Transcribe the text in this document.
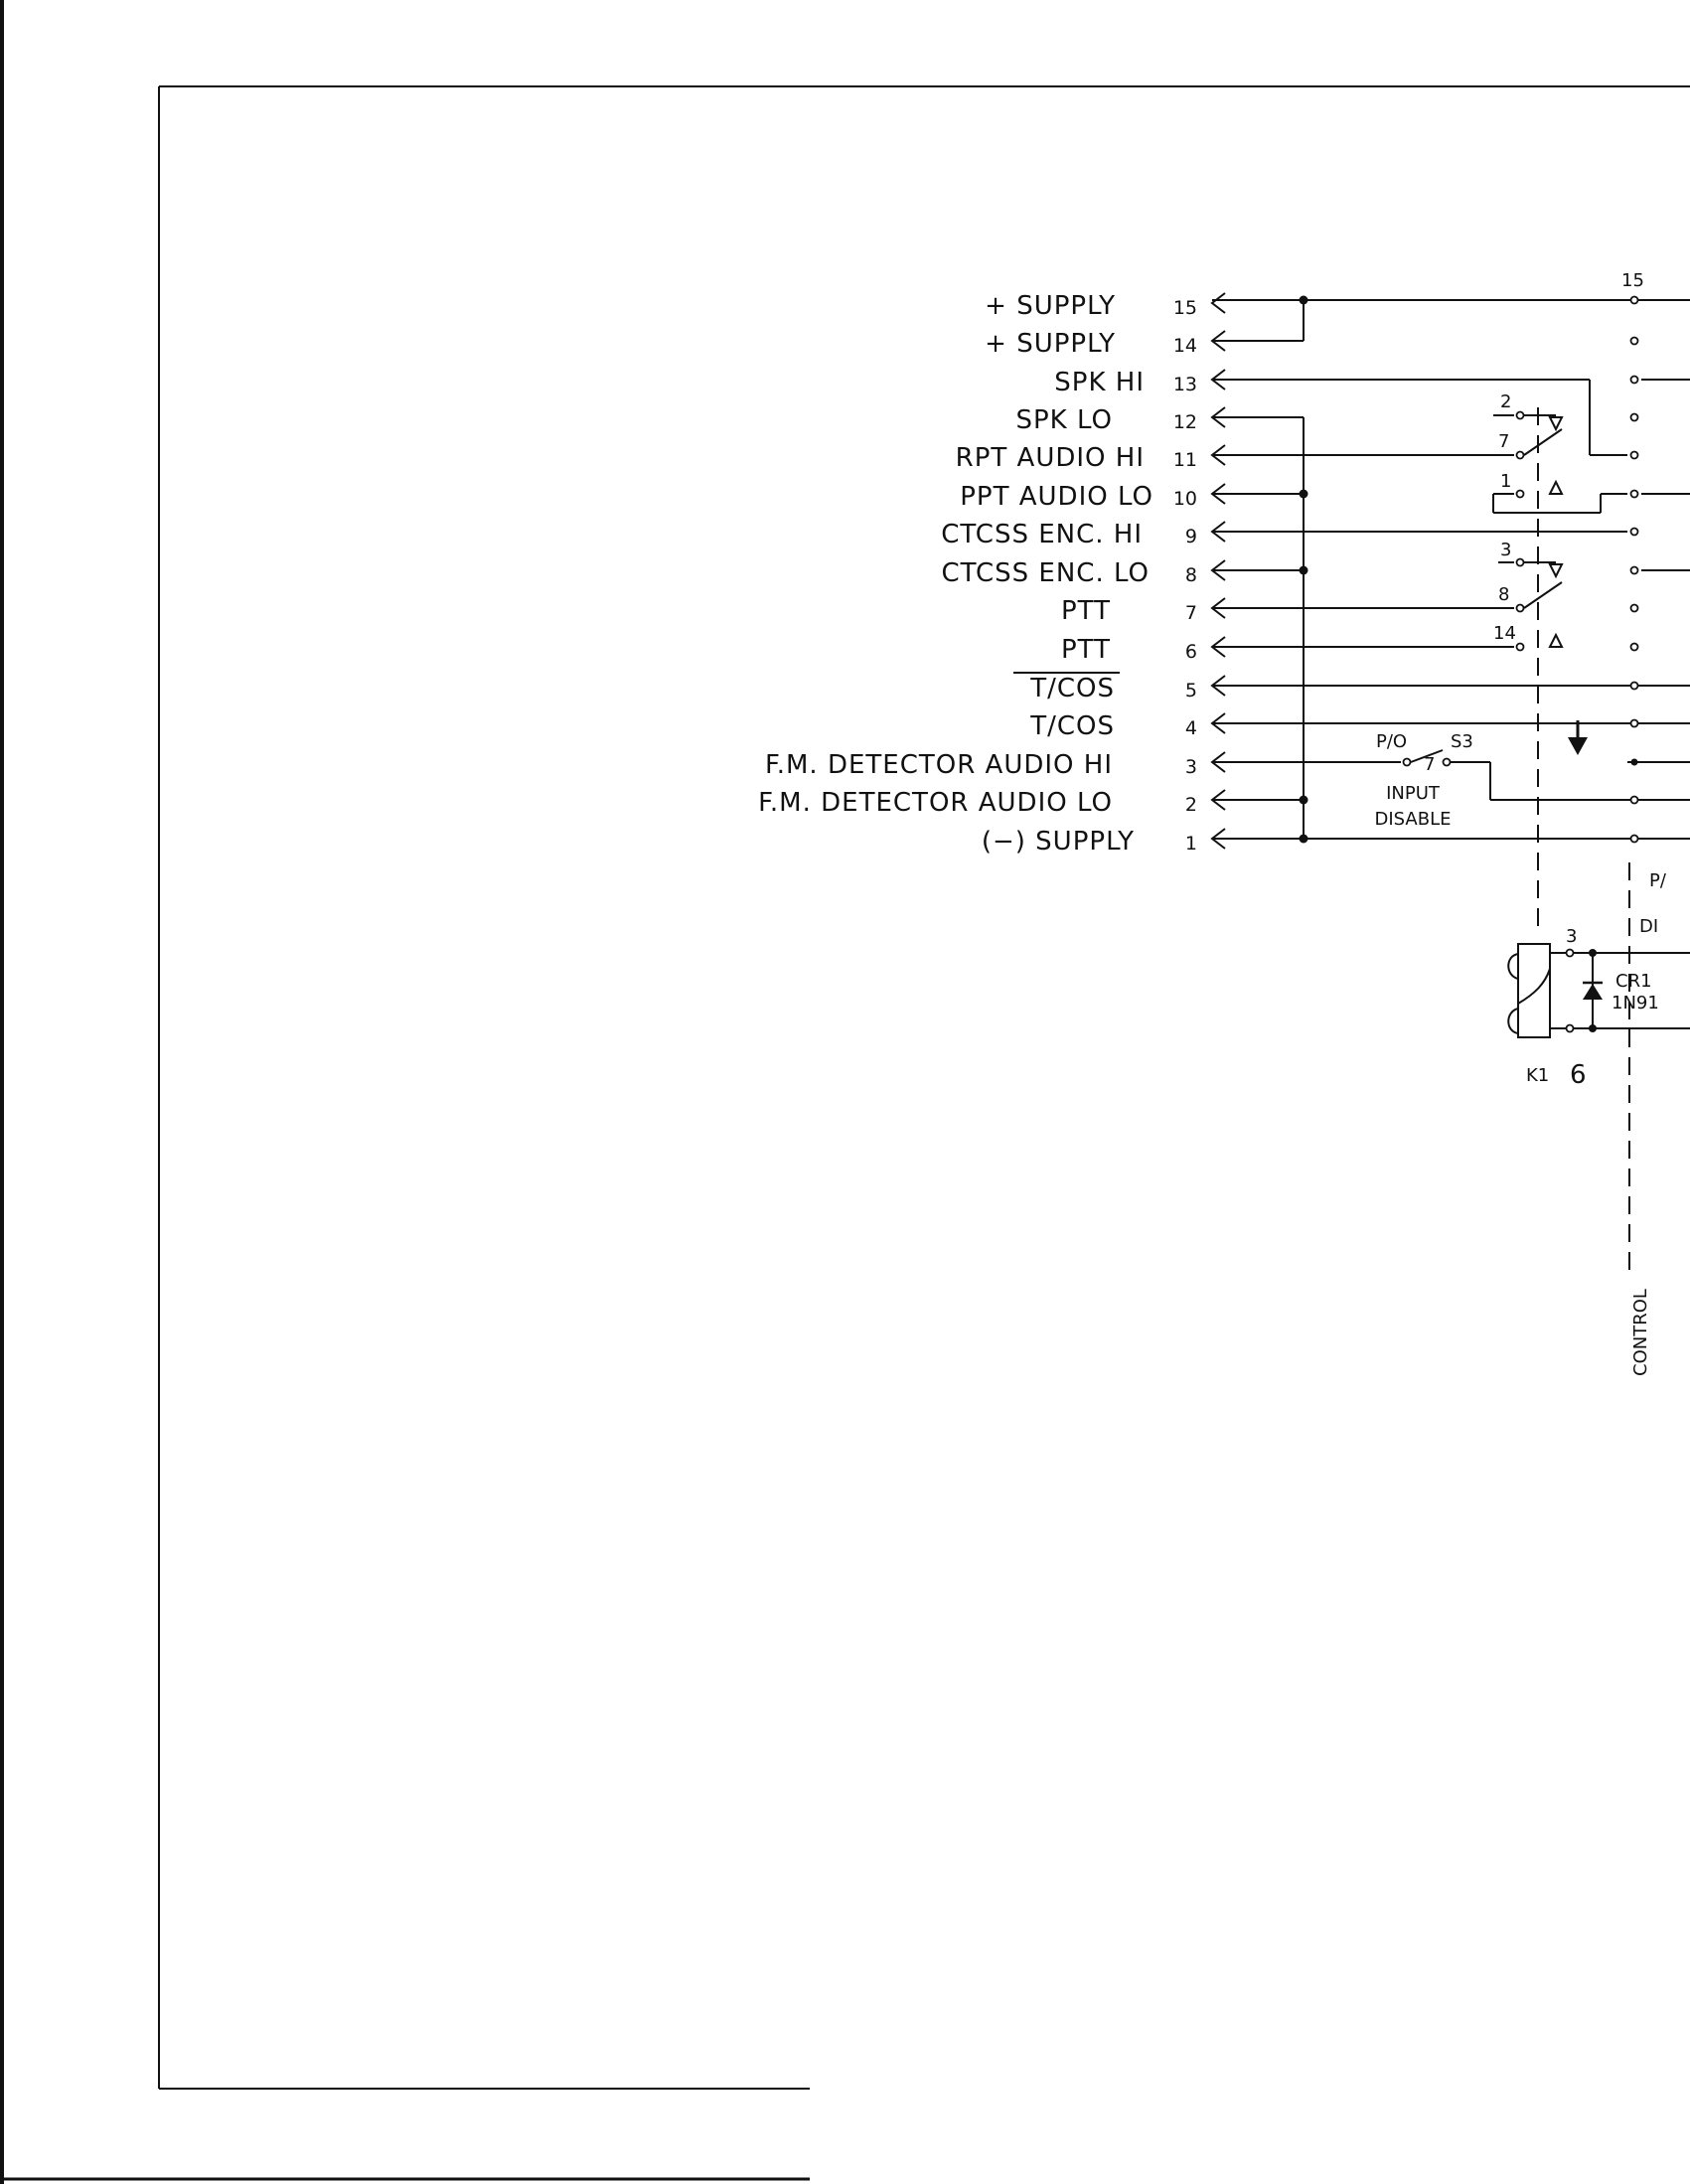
+ SUPPLY
+ SUPPLY
SPK HI
SPK LO
RPT AUDIO HI
PPT AUDIO LO
CTCSS ENC. HI
CTCSS ENC. LO
PTT
PTT
T/COS
T/COS
F.M. DETECTOR AUDIO HI
F.M. DETECTOR AUDIO LO
(−) SUPPLY
15
14
13
12
11
10
9
8
7
6
5
4
3
2
1
2
7
1
3
8
14
15
P/O S3
7
INPUT
DISABLE
K1
3
6
CR1
1N91
P/
DI
CONTROL
